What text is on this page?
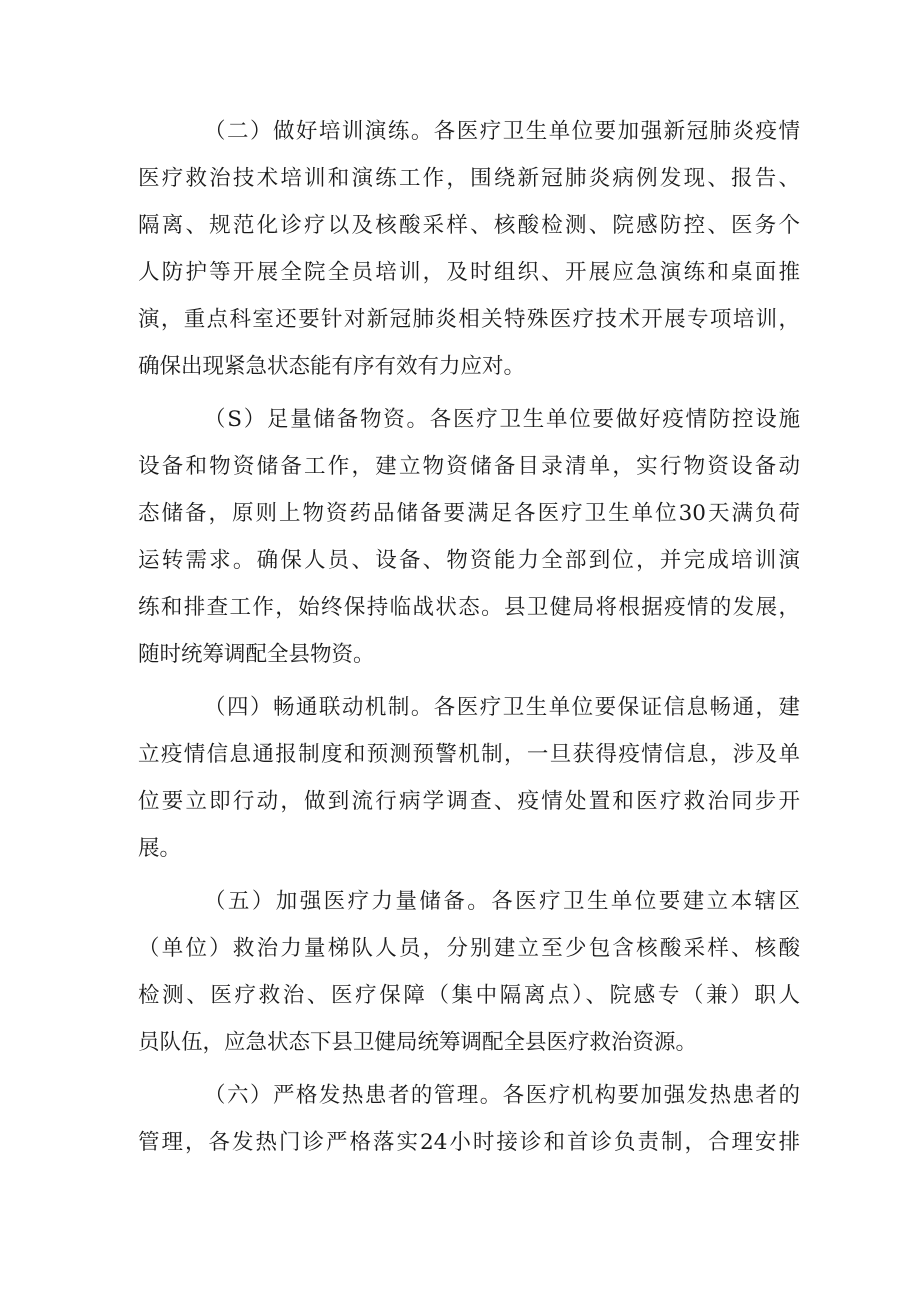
（二）做好培训演练。各医疗卫生单位要加强新冠肺炎疫情
医疗救治技术培训和演练工作，围绕新冠肺炎病例发现、报告、
隔离、规范化诊疗以及核酸采样、核酸检测、院感防控、医务个
人防护等开展全院全员培训，及时组织、开展应急演练和桌面推
演，重点科室还要针对新冠肺炎相关特殊医疗技术开展专项培训，
确保出现紧急状态能有序有效有力应对。
（S）足量储备物资。各医疗卫生单位要做好疫情防控设施
设备和物资储备工作，建立物资储备目录清单，实行物资设备动
态储备，原则上物资药品储备要满足各医疗卫生单位30天满负荷
运转需求。确保人员、设备、物资能力全部到位，并完成培训演
练和排查工作，始终保持临战状态。县卫健局将根据疫情的发展，
随时统筹调配全县物资。
（四）畅通联动机制。各医疗卫生单位要保证信息畅通，建
立疫情信息通报制度和预测预警机制，一旦获得疫情信息，涉及单
位要立即行动，做到流行病学调查、疫情处置和医疗救治同步开
展。
（五）加强医疗力量储备。各医疗卫生单位要建立本辖区
（单位）救治力量梯队人员，分别建立至少包含核酸采样、核酸
检测、医疗救治、医疗保障（集中隔离点）、院感专（兼）职人
员队伍，应急状态下县卫健局统筹调配全县医疗救治资源。
（六）严格发热患者的管理。各医疗机构要加强发热患者的
管理，各发热门诊严格落实24小时接诊和首诊负责制，合理安排
